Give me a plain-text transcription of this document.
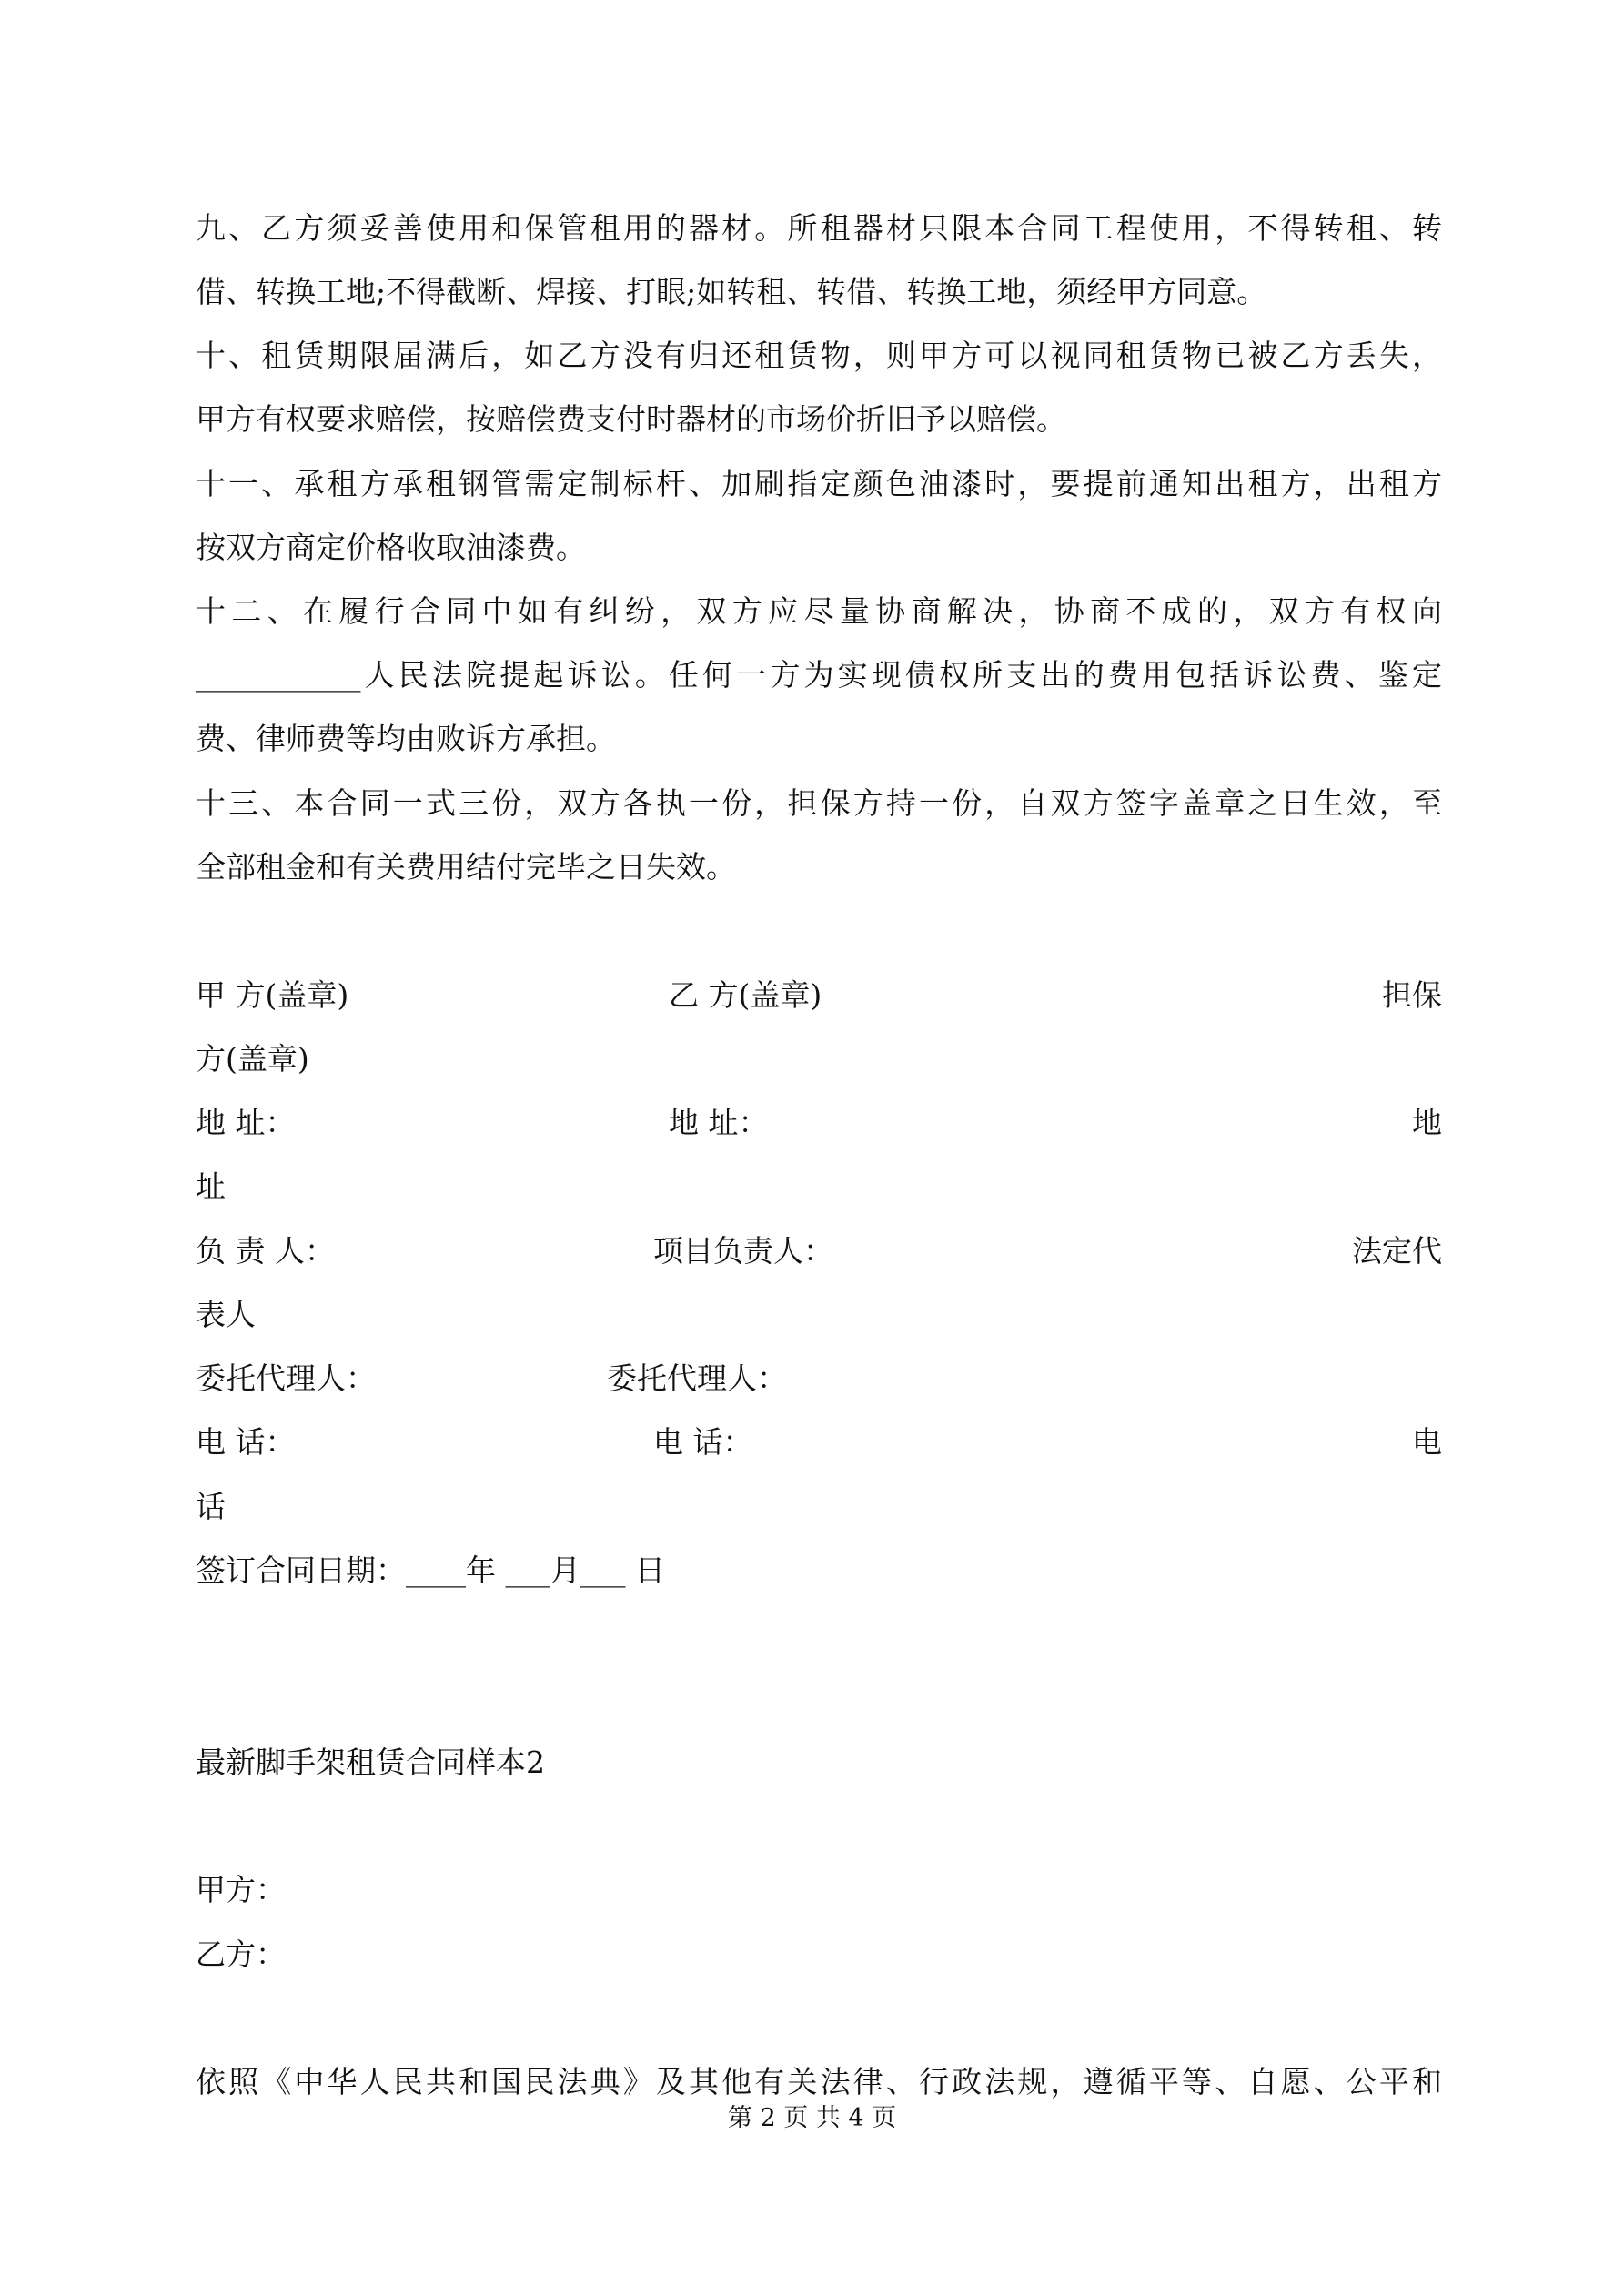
九、乙方须妥善使用和保管租用的器材。所租器材只限本合同工程使用，不得转租、转
借、转换工地;不得截断、焊接、打眼;如转租、转借、转换工地，须经甲方同意。
十、租赁期限届满后，如乙方没有归还租赁物，则甲方可以视同租赁物已被乙方丢失，
甲方有权要求赔偿，按赔偿费支付时器材的市场价折旧予以赔偿。
十一、承租方承租钢管需定制标杆、加刷指定颜色油漆时，要提前通知出租方，出租方
按双方商定价格收取油漆费。
十二、在履行合同中如有纠纷，双方应尽量协商解决，协商不成的，双方有权向
___________人民法院提起诉讼。任何一方为实现债权所支出的费用包括诉讼费、鉴定
费、律师费等均由败诉方承担。
十三、本合同一式三份，双方各执一份，担保方持一份，自双方签字盖章之日生效，至
全部租金和有关费用结付完毕之日失效。
甲 方(盖章)	乙 方(盖章)	担保
方(盖章)
地 址：	地 址：	地
址
负 责 人：	项目负责人：	法定代
表人
委托代理人：	委托代理人：
电 话：	电 话：	电
话
签订合同日期：____年 ___月___ 日
最新脚手架租赁合同样本2
甲方：
乙方：
依照《中华人民共和国民法典》及其他有关法律、行政法规，遵循平等、自愿、公平和
第 2 页 共 4 页
